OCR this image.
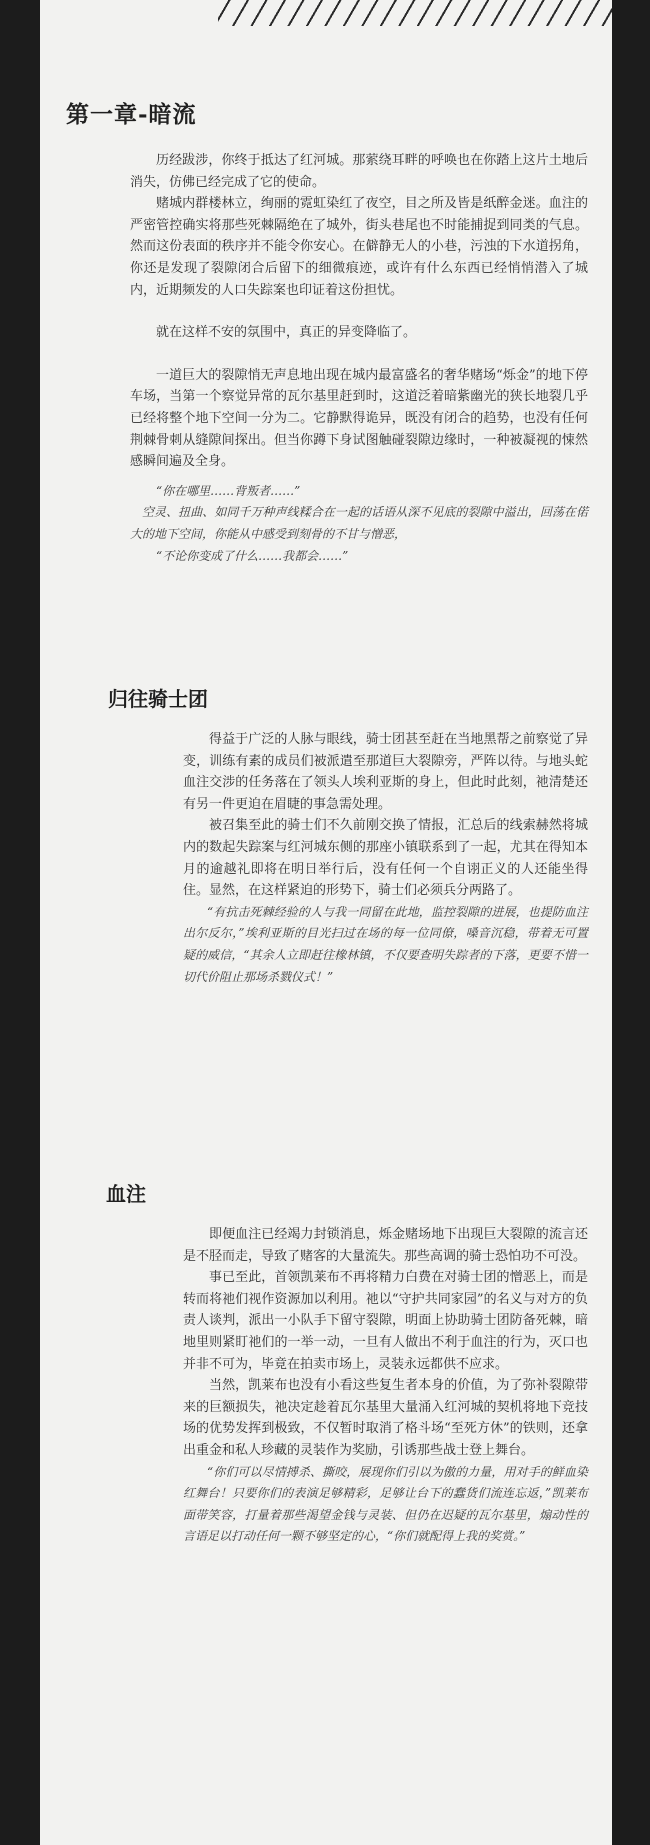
第一章-暗流

历经跋涉，你终于抵达了红河城。那萦绕耳畔的呼唤也在你踏上这片土地后消失，仿佛已经完成了它的使命。

赌城内群楼林立，绚丽的霓虹染红了夜空，目之所及皆是纸醉金迷。血注的严密管控确实将那些死棘隔绝在了城外，街头巷尾也不时能捕捉到同类的气息。然而这份表面的秩序并不能令你安心。在僻静无人的小巷，污浊的下水道拐角，你还是发现了裂隙闭合后留下的细微痕迹，或许有什么东西已经悄悄潜入了城内，近期频发的人口失踪案也印证着这份担忧。

就在这样不安的氛围中，真正的异变降临了。

一道巨大的裂隙悄无声息地出现在城内最富盛名的奢华赌场“烁金”的地下停车场，当第一个察觉异常的瓦尔基里赶到时，这道泛着暗紫幽光的狭长地裂几乎已经将整个地下空间一分为二。它静默得诡异，既没有闭合的趋势，也没有任何荆棘骨刺从缝隙间探出。但当你蹲下身试图触碰裂隙边缘时，一种被凝视的悚然感瞬间遍及全身。

“你在哪里……背叛者……”

空灵、扭曲、如同千万种声线糅合在一起的话语从深不见底的裂隙中溢出，回荡在偌大的地下空间，你能从中感受到刻骨的不甘与憎恶，

“不论你变成了什么……我都会……”

归往骑士团

得益于广泛的人脉与眼线，骑士团甚至赶在当地黑帮之前察觉了异变，训练有素的成员们被派遣至那道巨大裂隙旁，严阵以待。与地头蛇血注交涉的任务落在了领头人埃利亚斯的身上，但此时此刻，祂清楚还有另一件更迫在眉睫的事急需处理。

被召集至此的骑士们不久前刚交换了情报，汇总后的线索赫然将城内的数起失踪案与红河城东侧的那座小镇联系到了一起，尤其在得知本月的逾越礼即将在明日举行后，没有任何一个自诩正义的人还能坐得住。显然，在这样紧迫的形势下，骑士们必须兵分两路了。

“有抗击死棘经验的人与我一同留在此地，监控裂隙的进展，也提防血注出尔反尔，”埃利亚斯的目光扫过在场的每一位同僚，嗓音沉稳，带着无可置疑的威信，“其余人立即赶往橡林镇，不仅要查明失踪者的下落，更要不惜一切代价阻止那场杀戮仪式！”

血注

即便血注已经竭力封锁消息，烁金赌场地下出现巨大裂隙的流言还是不胫而走，导致了赌客的大量流失。那些高调的骑士恐怕功不可没。

事已至此，首领凯莱布不再将精力白费在对骑士团的憎恶上，而是转而将祂们视作资源加以利用。祂以“守护共同家园”的名义与对方的负责人谈判，派出一小队手下留守裂隙，明面上协助骑士团防备死棘，暗地里则紧盯祂们的一举一动，一旦有人做出不利于血注的行为，灭口也并非不可为，毕竟在拍卖市场上，灵装永远都供不应求。

当然，凯莱布也没有小看这些复生者本身的价值，为了弥补裂隙带来的巨额损失，祂决定趁着瓦尔基里大量涌入红河城的契机将地下竞技场的优势发挥到极致，不仅暂时取消了格斗场“至死方休”的铁则，还拿出重金和私人珍藏的灵装作为奖励，引诱那些战士登上舞台。

“你们可以尽情搏杀、撕咬，展现你们引以为傲的力量，用对手的鲜血染红舞台！只要你们的表演足够精彩，足够让台下的蠢货们流连忘返，”凯莱布面带笑容，打量着那些渴望金钱与灵装、但仍在迟疑的瓦尔基里，煽动性的言语足以打动任何一颗不够坚定的心，“你们就配得上我的奖赏。”
